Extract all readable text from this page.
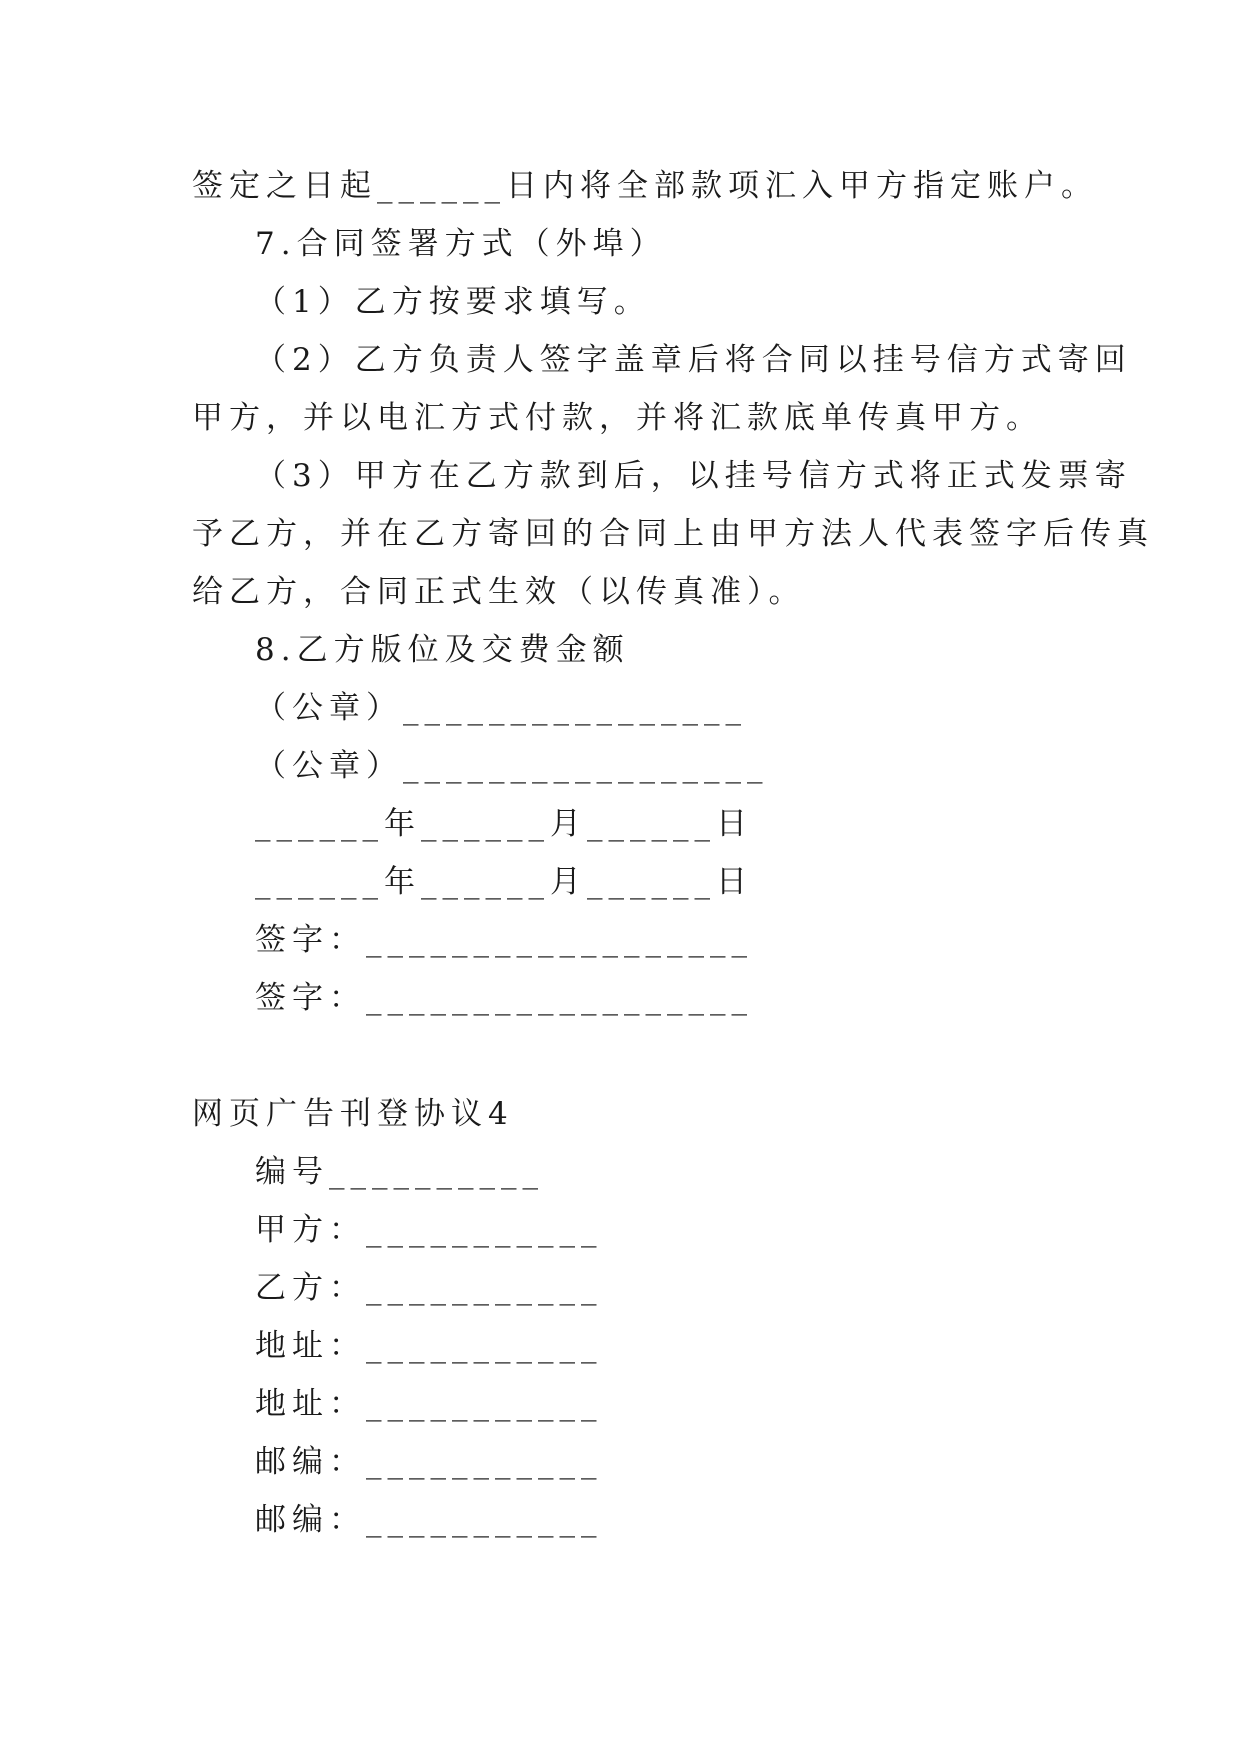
签定之日起______日内将全部款项汇入甲方指定账户。
7.合同签署方式（外埠）
（1）乙方按要求填写。
（2）乙方负责人签字盖章后将合同以挂号信方式寄回
甲方，并以电汇方式付款，并将汇款底单传真甲方。
（3）甲方在乙方款到后，以挂号信方式将正式发票寄
予乙方，并在乙方寄回的合同上由甲方法人代表签字后传真
给乙方，合同正式生效（以传真准）。
8.乙方版位及交费金额
（公章）________________
（公章）_________________
______年______月______日
______年______月______日
签字：__________________
签字：__________________
网页广告刊登协议4
编号__________
甲方：___________
乙方：___________
地址：___________
地址：___________
邮编：___________
邮编：___________
